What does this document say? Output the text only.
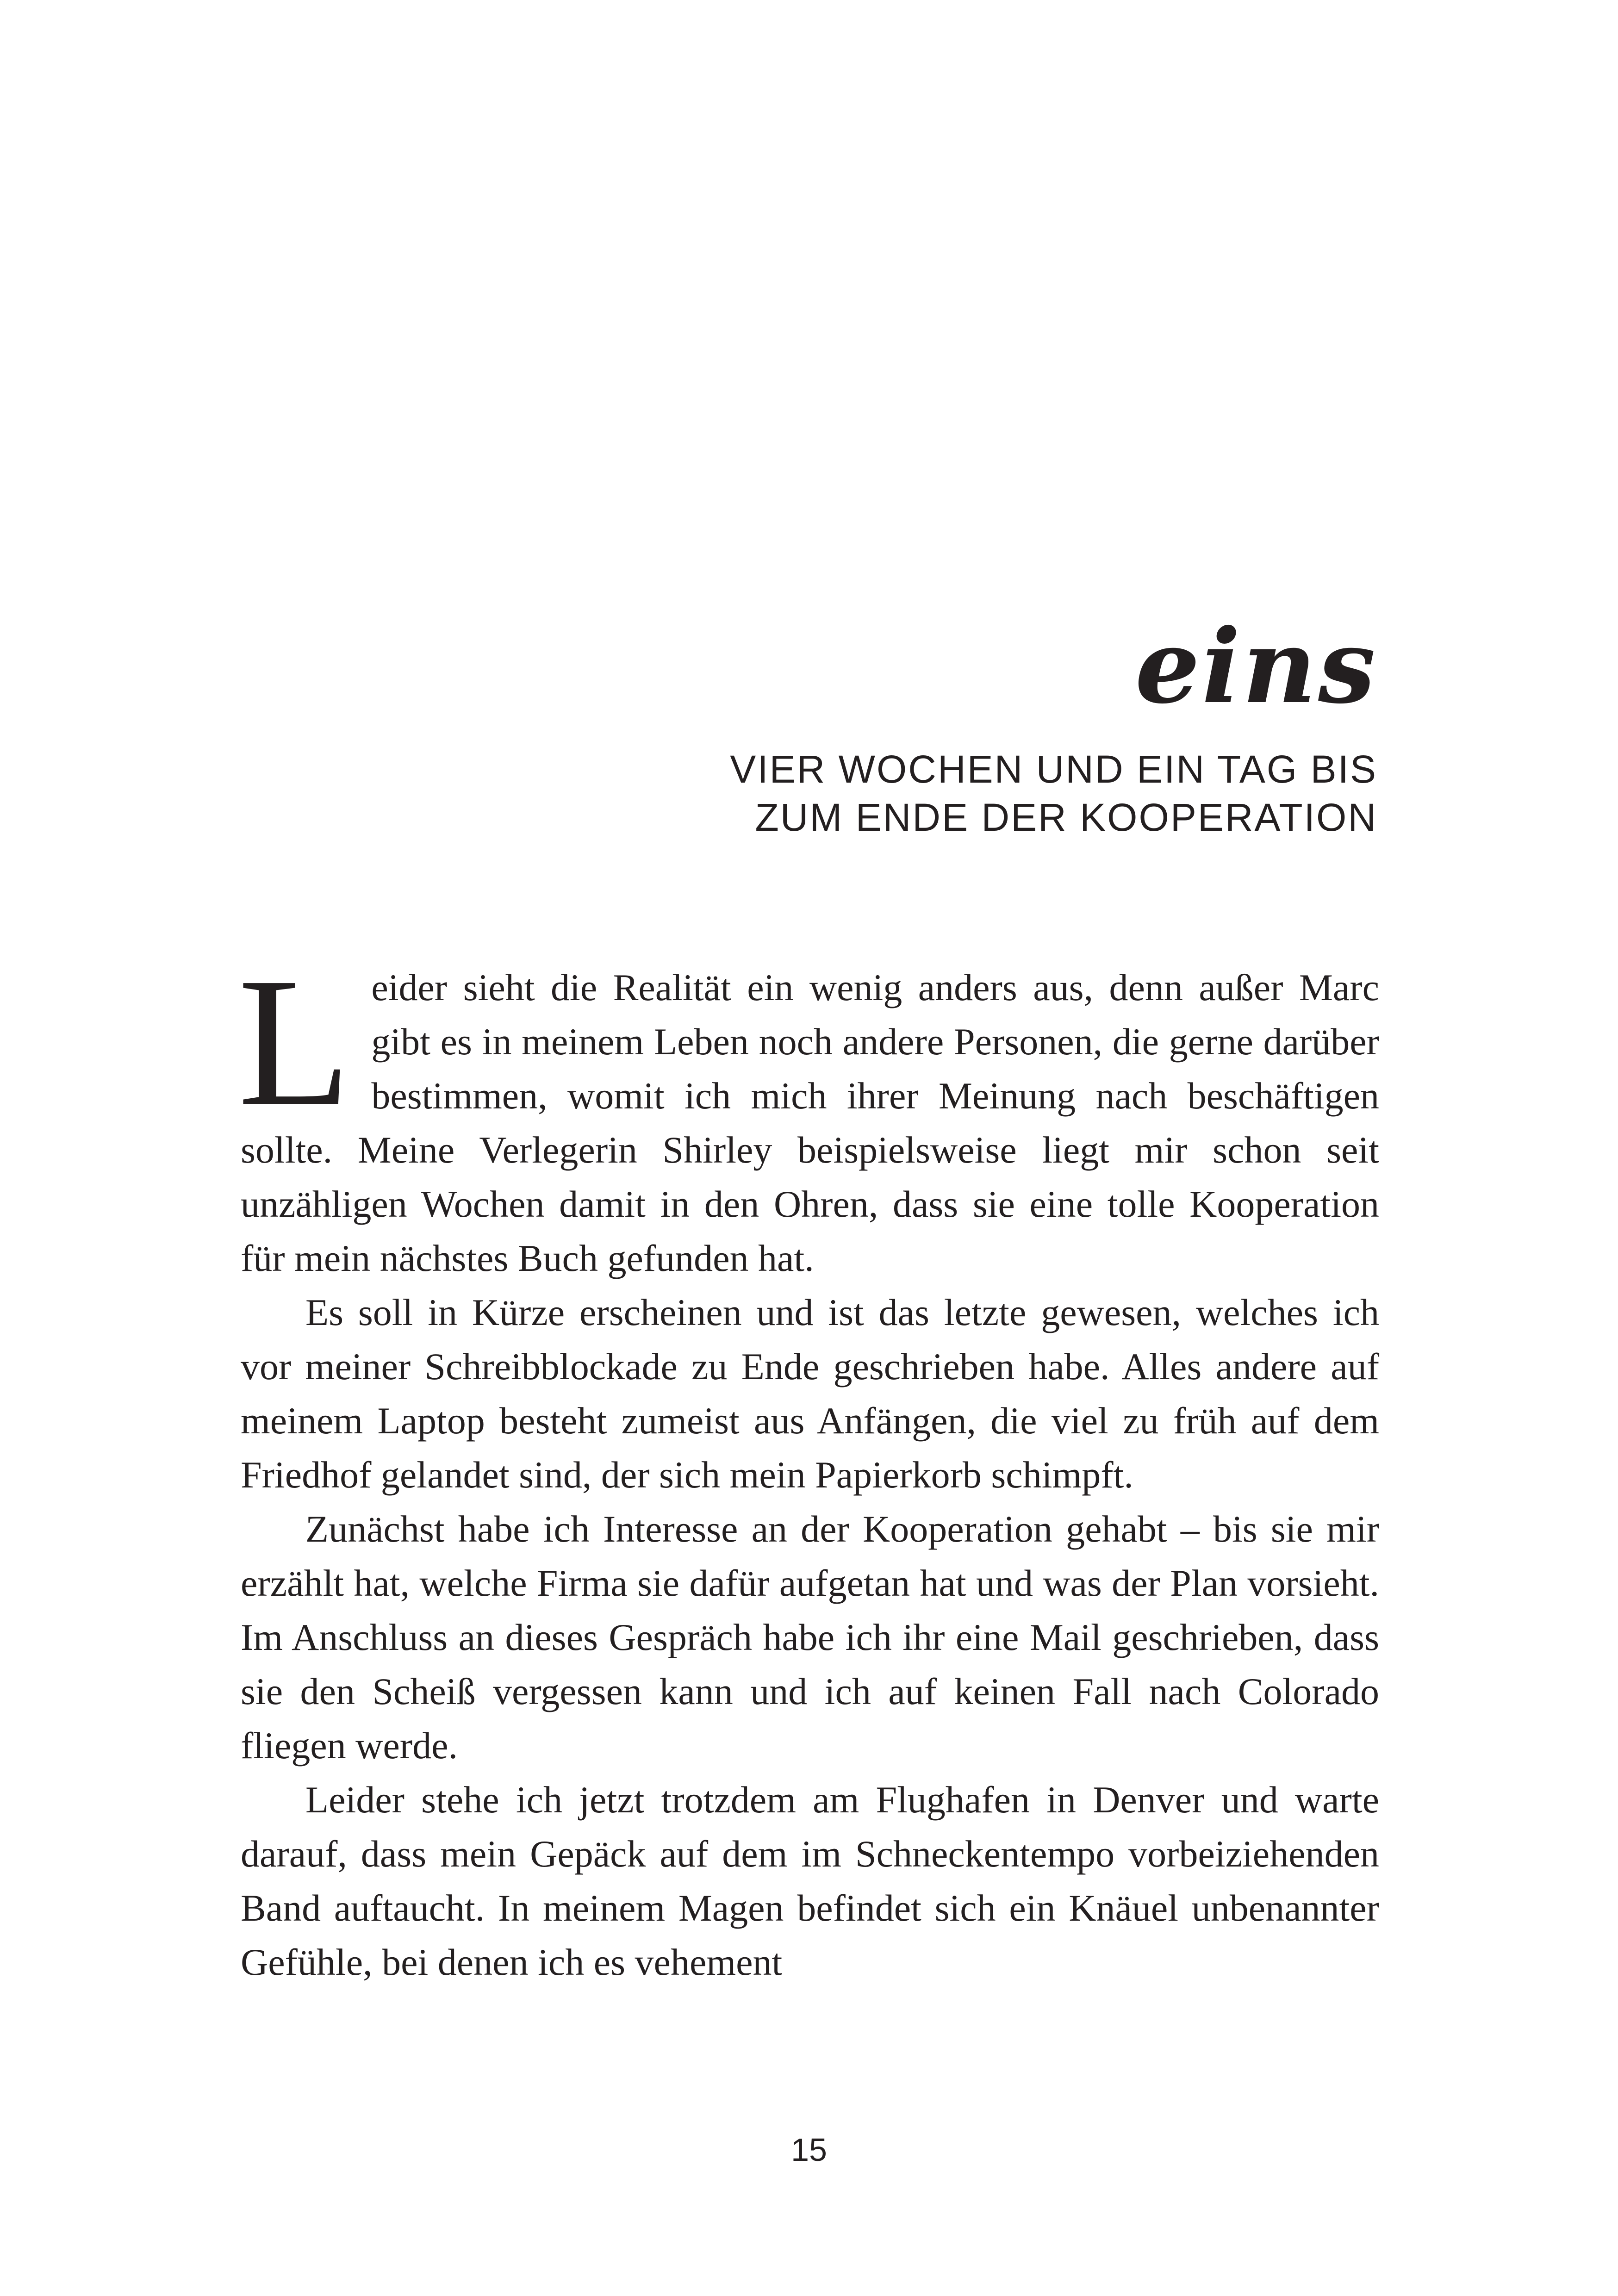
eins
VIER WOCHEN UND EIN TAG BIS
ZUM ENDE DER KOOPERATION

Leider sieht die Realität ein wenig anders aus, denn außer Marc gibt es in meinem Leben noch andere Personen, die gerne darüber bestimmen, womit ich mich ihrer Meinung nach beschäftigen sollte. Meine Verlegerin Shirley beispielsweise liegt mir schon seit unzähligen Wochen damit in den Ohren, dass sie eine tolle Kooperation für mein nächstes Buch gefunden hat.

Es soll in Kürze erscheinen und ist das letzte gewesen, welches ich vor meiner Schreibblockade zu Ende geschrieben habe. Alles andere auf meinem Laptop besteht zumeist aus Anfängen, die viel zu früh auf dem Friedhof gelandet sind, der sich mein Papierkorb schimpft.

Zunächst habe ich Interesse an der Kooperation gehabt – bis sie mir erzählt hat, welche Firma sie dafür aufgetan hat und was der Plan vorsieht. Im Anschluss an dieses Gespräch habe ich ihr eine Mail geschrieben, dass sie den Scheiß vergessen kann und ich auf keinen Fall nach Colorado fliegen werde.

Leider stehe ich jetzt trotzdem am Flughafen in Denver und warte darauf, dass mein Gepäck auf dem im Schneckentempo vorbeiziehenden Band auftaucht. In meinem Magen befindet sich ein Knäuel unbenannter Gefühle, bei denen ich es vehement

15
